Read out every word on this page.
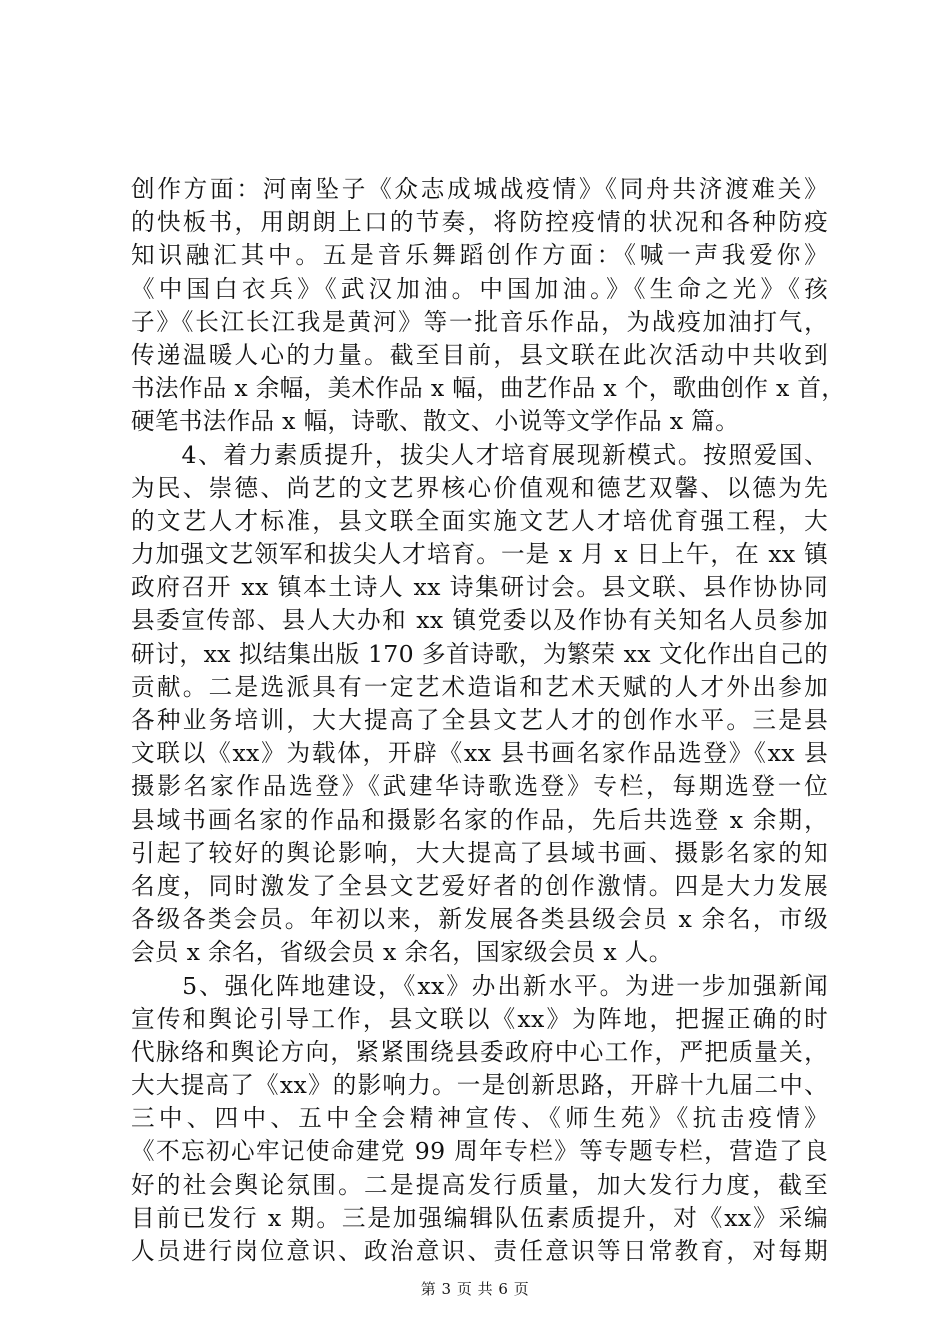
创作方面：河南坠子《众志成城战疫情》《同舟共济渡难关》
的快板书，用朗朗上口的节奏，将防控疫情的状况和各种防疫
知识融汇其中。五是音乐舞蹈创作方面：《喊一声我爱你》
《中国白衣兵》《武汉加油。中国加油。》《生命之光》《孩
子》《长江长江我是黄河》等一批音乐作品，为战疫加油打气，
传递温暖人心的力量。截至目前，县文联在此次活动中共收到
书法作品 x 余幅，美术作品 x 幅，曲艺作品 x 个，歌曲创作 x 首，
硬笔书法作品 x 幅，诗歌、散文、小说等文学作品 x 篇。
　　4、着力素质提升，拔尖人才培育展现新模式。按照爱国、
为民、崇德、尚艺的文艺界核心价值观和德艺双馨、以德为先
的文艺人才标准，县文联全面实施文艺人才培优育强工程，大
力加强文艺领军和拔尖人才培育。一是 x 月 x 日上午，在 xx 镇
政府召开 xx 镇本土诗人 xx 诗集研讨会。县文联、县作协协同
县委宣传部、县人大办和 xx 镇党委以及作协有关知名人员参加
研讨，xx 拟结集出版 170 多首诗歌，为繁荣 xx 文化作出自己的
贡献。二是选派具有一定艺术造诣和艺术天赋的人才外出参加
各种业务培训，大大提高了全县文艺人才的创作水平。三是县
文联以《xx》为载体，开辟《xx 县书画名家作品选登》《xx 县
摄影名家作品选登》《武建华诗歌选登》专栏，每期选登一位
县域书画名家的作品和摄影名家的作品，先后共选登 x 余期，
引起了较好的舆论影响，大大提高了县域书画、摄影名家的知
名度，同时激发了全县文艺爱好者的创作激情。四是大力发展
各级各类会员。年初以来，新发展各类县级会员 x 余名，市级
会员 x 余名，省级会员 x 余名，国家级会员 x 人。
　　5、强化阵地建设，《xx》办出新水平。为进一步加强新闻
宣传和舆论引导工作，县文联以《xx》为阵地，把握正确的时
代脉络和舆论方向，紧紧围绕县委政府中心工作，严把质量关，
大大提高了《xx》的影响力。一是创新思路，开辟十九届二中、
三中、四中、五中全会精神宣传、《师生苑》《抗击疫情》
《不忘初心牢记使命建党 99 周年专栏》等专题专栏，营造了良
好的社会舆论氛围。二是提高发行质量，加大发行力度，截至
目前已发行 x 期。三是加强编辑队伍素质提升，对《xx》采编
人员进行岗位意识、政治意识、责任意识等日常教育，对每期
第 3 页 共 6 页
